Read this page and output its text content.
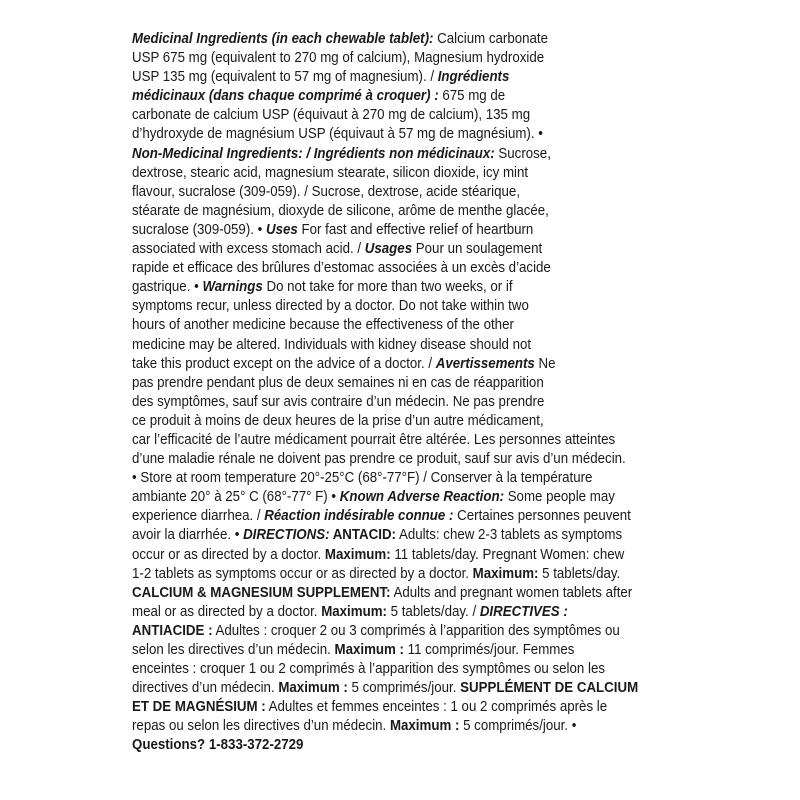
Medicinal Ingredients (in each chewable tablet): Calcium carbonate
USP 675 mg (equivalent to 270 mg of calcium), Magnesium hydroxide
USP 135 mg (equivalent to 57 mg of magnesium). / Ingrédients
médicinaux (dans chaque comprimé à croquer) : 675 mg de
carbonate de calcium USP (équivaut à 270 mg de calcium), 135 mg
d’hydroxyde de magnésium USP (équivaut à 57 mg de magnésium). •
Non-Medicinal Ingredients: / Ingrédients non médicinaux: Sucrose,
dextrose, stearic acid, magnesium stearate, silicon dioxide, icy mint
flavour, sucralose (309-059). / Sucrose, dextrose, acide stéarique,
stéarate de magnésium, dioxyde de silicone, arôme de menthe glacée,
sucralose (309-059). • Uses For fast and effective relief of heartburn
associated with excess stomach acid. / Usages Pour un soulagement
rapide et efficace des brûlures d’estomac associées à un excès d’acide
gastrique. • Warnings Do not take for more than two weeks, or if
symptoms recur, unless directed by a doctor. Do not take within two
hours of another medicine because the effectiveness of the other
medicine may be altered. Individuals with kidney disease should not
take this product except on the advice of a doctor. / Avertissements Ne
pas prendre pendant plus de deux semaines ni en cas de réapparition
des symptômes, sauf sur avis contraire d’un médecin. Ne pas prendre
ce produit à moins de deux heures de la prise d’un autre médicament,
car l’efficacité de l’autre médicament pourrait être altérée. Les personnes atteintes
d’une maladie rénale ne doivent pas prendre ce produit, sauf sur avis d’un médecin.
• Store at room temperature 20°-25°C (68°-77°F) / Conserver à la température
ambiante 20° à 25° C (68°-77° F) • Known Adverse Reaction: Some people may
experience diarrhea. / Réaction indésirable connue : Certaines personnes peuvent
avoir la diarrhée. • DIRECTIONS: ANTACID: Adults: chew 2-3 tablets as symptoms
occur or as directed by a doctor. Maximum: 11 tablets/day. Pregnant Women: chew
1-2 tablets as symptoms occur or as directed by a doctor. Maximum: 5 tablets/day.
CALCIUM & MAGNESIUM SUPPLEMENT: Adults and pregnant women tablets after
meal or as directed by a doctor. Maximum: 5 tablets/day. / DIRECTIVES :
ANTIACIDE : Adultes : croquer 2 ou 3 comprimés à l’apparition des symptômes ou
selon les directives d’un médecin. Maximum : 11 comprimés/jour. Femmes
enceintes : croquer 1 ou 2 comprimés à l’apparition des symptômes ou selon les
directives d’un médecin. Maximum : 5 comprimés/jour. SUPPLÉMENT DE CALCIUM
ET DE MAGNÉSIUM : Adultes et femmes enceintes : 1 ou 2 comprimés après le
repas ou selon les directives d’un médecin. Maximum : 5 comprimés/jour. •
Questions? 1-833-372-2729
